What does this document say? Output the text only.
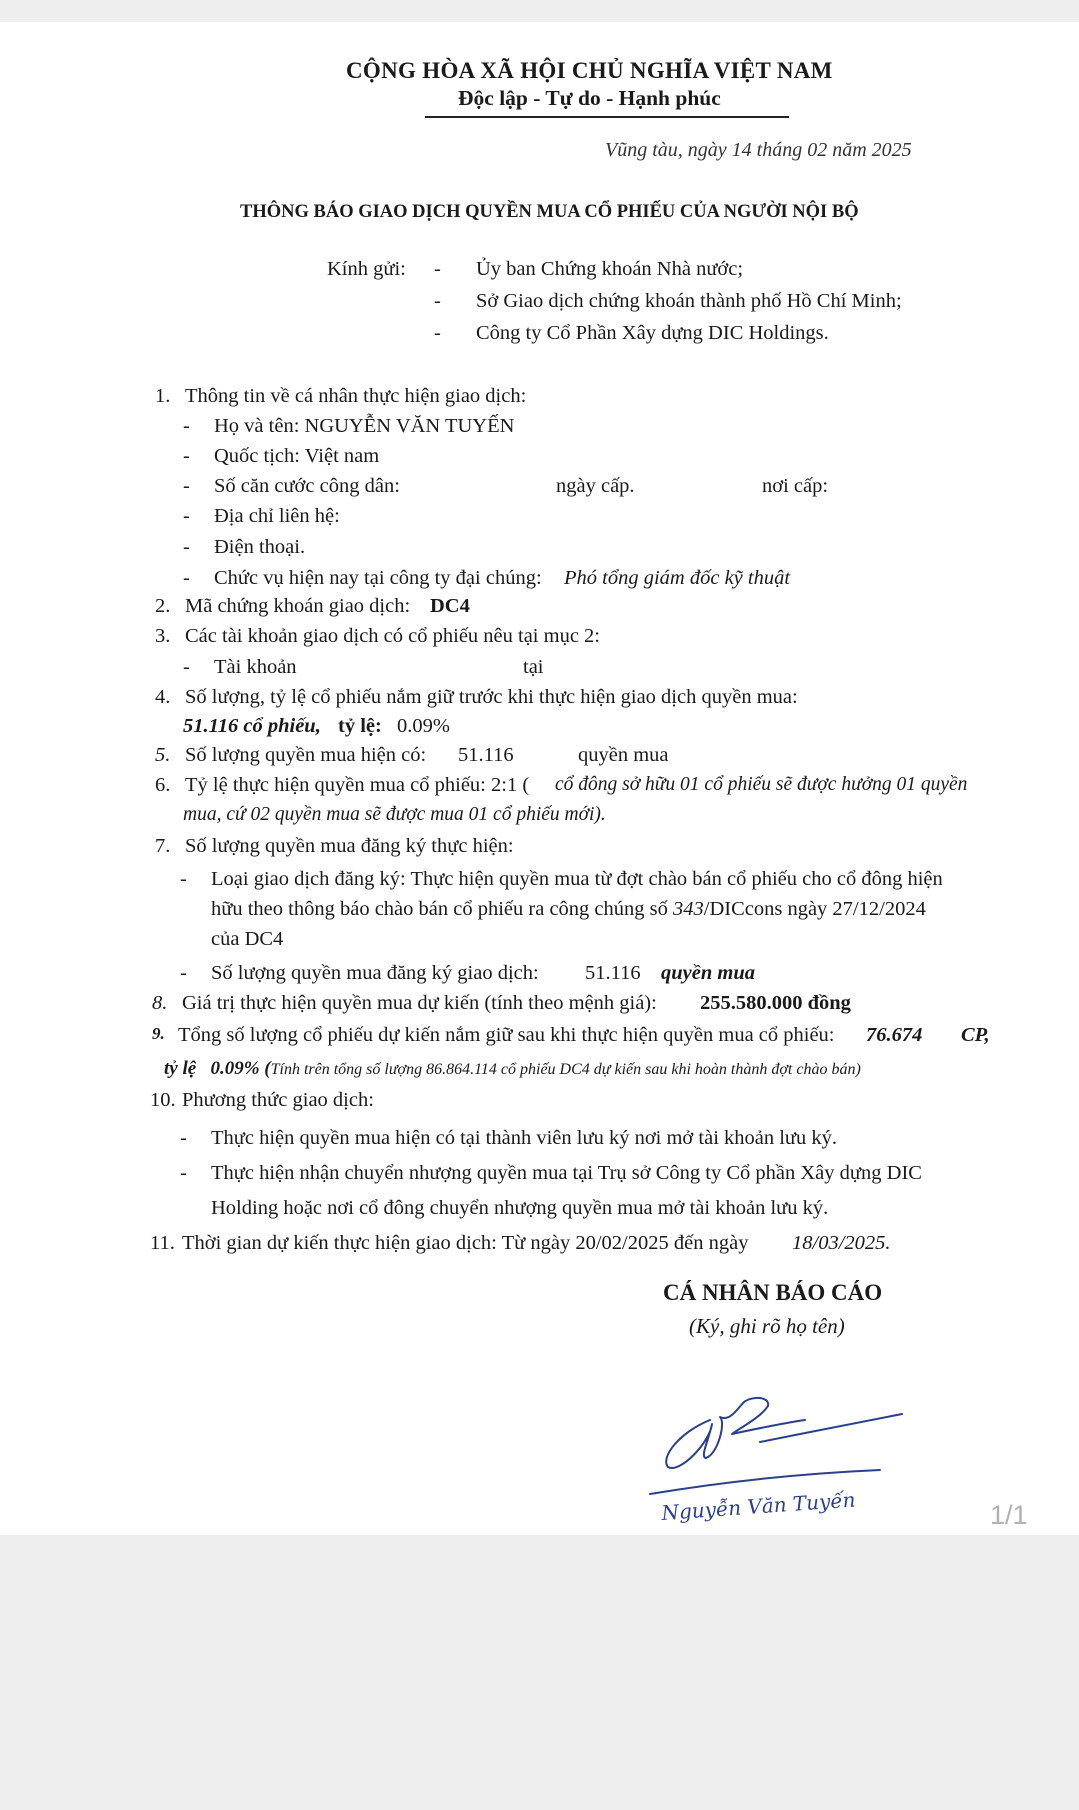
CỘNG HÒA XÃ HỘI CHỦ NGHĨA VIỆT NAM
Độc lập - Tự do - Hạnh phúc
Vũng tàu, ngày 14 tháng 02 năm 2025
THÔNG BÁO GIAO DỊCH QUYỀN MUA CỔ PHIẾU CỦA NGƯỜI NỘI BỘ
Kính gửi: - Ủy ban Chứng khoán Nhà nước;
- Sở Giao dịch chứng khoán thành phố Hồ Chí Minh;
- Công ty Cổ Phần Xây dựng DIC Holdings.
1. Thông tin về cá nhân thực hiện giao dịch:
- Họ và tên: NGUYỄN VĂN TUYẾN
- Quốc tịch: Việt nam
- Số căn cước công dân:	ngày cấp.	nơi cấp:
- Địa chỉ liên hệ:
- Điện thoại.
- Chức vụ hiện nay tại công ty đại chúng: Phó tổng giám đốc kỹ thuật
2. Mã chứng khoán giao dịch: DC4
3. Các tài khoản giao dịch có cổ phiếu nêu tại mục 2:
- Tài khoản	tại
4. Số lượng, tỷ lệ cổ phiếu nắm giữ trước khi thực hiện giao dịch quyền mua:
51.116 cổ phiếu, tỷ lệ: 0.09%
5. Số lượng quyền mua hiện có: 51.116	quyền mua
6. Tỷ lệ thực hiện quyền mua cổ phiếu: 2:1 ( cổ đông sở hữu 01 cổ phiếu sẽ được hưởng 01 quyền
mua, cứ 02 quyền mua sẽ được mua 01 cổ phiếu mới).
7. Số lượng quyền mua đăng ký thực hiện:
- Loại giao dịch đăng ký: Thực hiện quyền mua từ đợt chào bán cổ phiếu cho cổ đông hiện
hữu theo thông báo chào bán cổ phiếu ra công chúng số 343/DICcons ngày 27/12/2024
của DC4
- Số lượng quyền mua đăng ký giao dịch: 51.116 quyền mua
8. Giá trị thực hiện quyền mua dự kiến (tính theo mệnh giá): 255.580.000 đồng
9. Tổng số lượng cổ phiếu dự kiến nắm giữ sau khi thực hiện quyền mua cổ phiếu: 76.674 CP,
tỷ lệ 0.09% (Tính trên tổng số lượng 86.864.114 cổ phiếu DC4 dự kiến sau khi hoàn thành đợt chào bán)
10. Phương thức giao dịch:
- Thực hiện quyền mua hiện có tại thành viên lưu ký nơi mở tài khoản lưu ký.
- Thực hiện nhận chuyển nhượng quyền mua tại Trụ sở Công ty Cổ phần Xây dựng DIC
Holding hoặc nơi cổ đông chuyển nhượng quyền mua mở tài khoản lưu ký.
11. Thời gian dự kiến thực hiện giao dịch: Từ ngày 20/02/2025 đến ngày 18/03/2025.
CÁ NHÂN BÁO CÁO
(Ký, ghi rõ họ tên)
Nguyễn Văn Tuyến	1/1
